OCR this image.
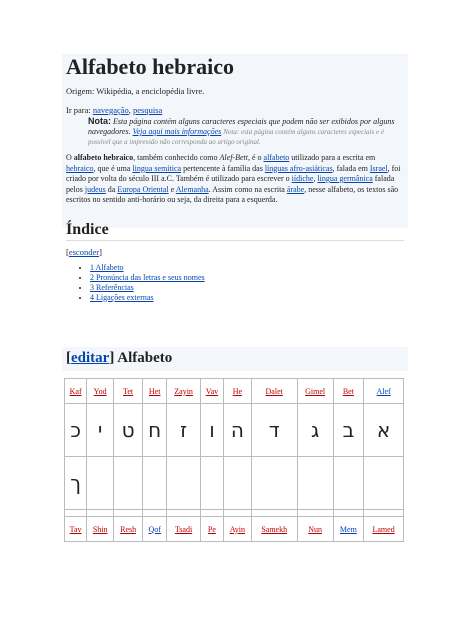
Alfabeto hebraico
Origem: Wikipédia, a enciclopédia livre.
Ir para: navegação, pesquisa
Nota: Esta página contém alguns caracteres especiais que podem não ser exibidos por alguns navegadores. Veja aqui mais informações Nota: esta página contém alguns caracteres especiais e é possível que a impressão não corresponda ao artigo original.
O alfabeto hebraico, também conhecido como Alef-Bett, é o alfabeto utilizado para a escrita em hebraico, que é uma lingua semítica pertencente à família das línguas afro-asiáticas, falada em Israel, foi criado por volta do século III a.C. Também é utilizado para escrever o iídiche, lingua germânica falada pelos judeus da Europa Oriental e Alemanha. Assim como na escrita árabe, nesse alfabeto, os textos são escritos no sentido anti-horário ou seja, da direita para a esquerda.
Índice
[esconder]
• 1 Alfabeto
• 2 Pronúncia das letras e seus nomes
• 3 Referências
• 4 Ligações externas
[editar] Alfabeto
Kaf	Yod	Tet	Het	Zayin	Vav	He	Dalet	Gimel	Bet	Alef
כ	י	ט	ח	ז	ו	ה	ד	ג	ב	א
ך										

Tav	Shin	Resh	Qof	Tsadi	Pe	Ayin	Samekh	Nun	Mem	Lamed
